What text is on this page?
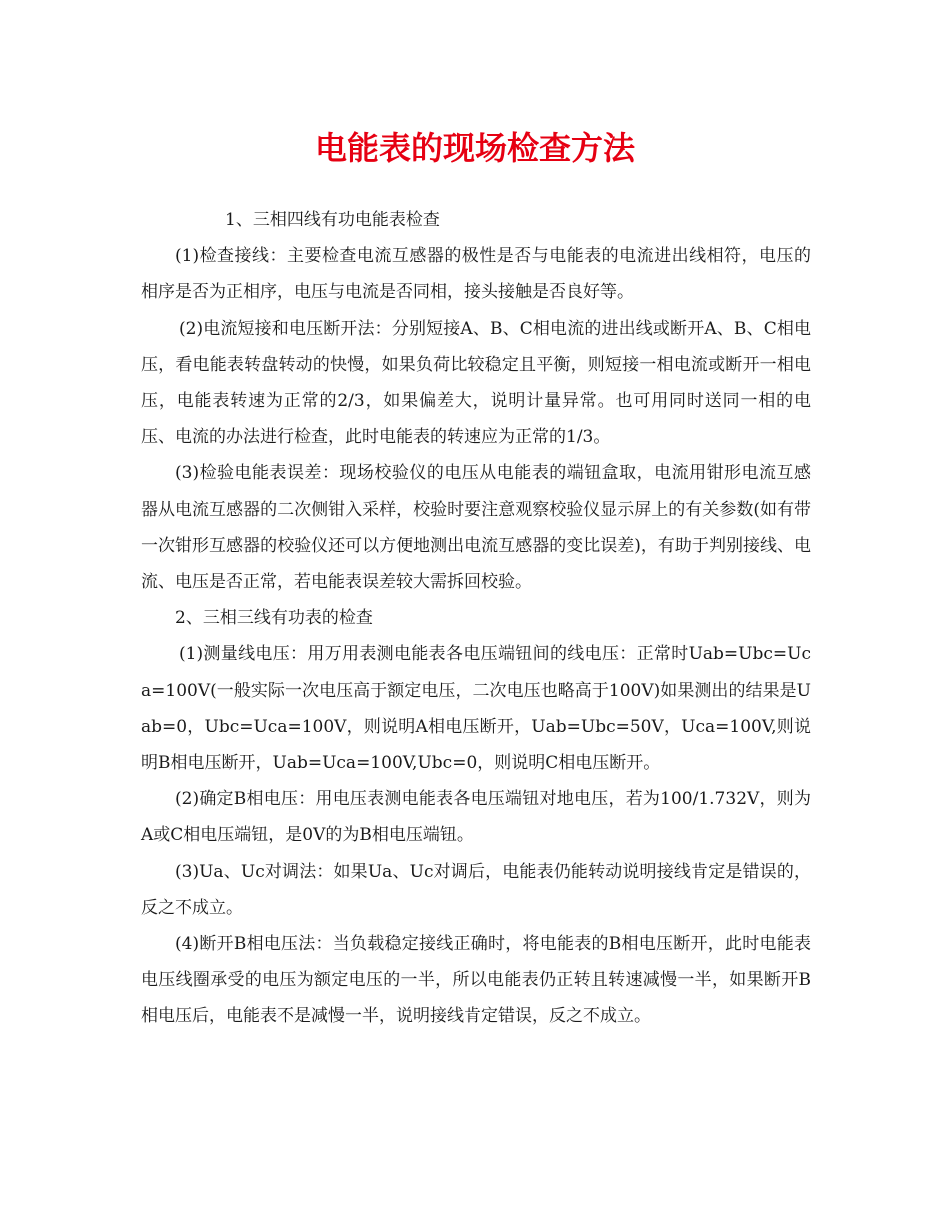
电能表的现场检查方法

1、三相四线有功电能表检查

(1)检查接线：主要检查电流互感器的极性是否与电能表的电流进出线相符，电压的相序是否为正相序，电压与电流是否同相，接头接触是否良好等。

(2)电流短接和电压断开法：分别短接A、B、C相电流的进出线或断开A、B、C相电压，看电能表转盘转动的快慢，如果负荷比较稳定且平衡，则短接一相电流或断开一相电压，电能表转速为正常的2/3，如果偏差大，说明计量异常。也可用同时送同一相的电压、电流的办法进行检查，此时电能表的转速应为正常的1/3。

(3)检验电能表误差：现场校验仪的电压从电能表的端钮盒取，电流用钳形电流互感器从电流互感器的二次侧钳入采样，校验时要注意观察校验仪显示屏上的有关参数(如有带一次钳形互感器的校验仪还可以方便地测出电流互感器的变比误差)，有助于判别接线、电流、电压是否正常，若电能表误差较大需拆回校验。

2、三相三线有功表的检查

(1)测量线电压：用万用表测电能表各电压端钮间的线电压：正常时Uab=Ubc=Uca=100V(一般实际一次电压高于额定电压，二次电压也略高于100V)如果测出的结果是Uab=0，Ubc=Uca=100V，则说明A相电压断开，Uab=Ubc=50V，Uca=100V,则说明B相电压断开，Uab=Uca=100V,Ubc=0，则说明C相电压断开。

(2)确定B相电压：用电压表测电能表各电压端钮对地电压，若为100/1.732V，则为A或C相电压端钮，是0V的为B相电压端钮。

(3)Ua、Uc对调法：如果Ua、Uc对调后，电能表仍能转动说明接线肯定是错误的，反之不成立。

(4)断开B相电压法：当负载稳定接线正确时，将电能表的B相电压断开，此时电能表电压线圈承受的电压为额定电压的一半，所以电能表仍正转且转速减慢一半，如果断开B相电压后，电能表不是减慢一半，说明接线肯定错误，反之不成立。
